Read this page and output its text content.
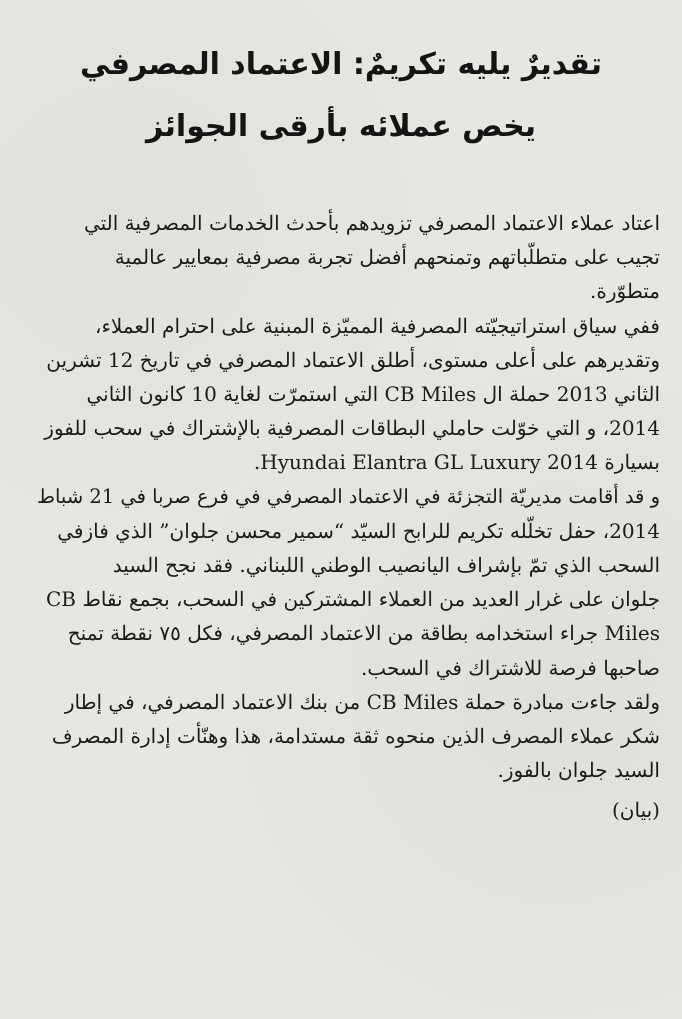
تقديرٌ يليه تكريمٌ: الاعتماد المصرفي
يخص عملائه بأرقى الجوائز

اعتاد عملاء الاعتماد المصرفي تزويدهم بأحدث الخدمات المصرفية التي
تجيب على متطلّباتهم وتمنحهم أفضل تجربة مصرفية بمعايير عالمية
متطوّرة.

ففي سياق استراتيجيّته المصرفية المميّزة المبنية على احترام العملاء،
وتقديرهم على أعلى مستوى، أطلق الاعتماد المصرفي في تاريخ 12 تشرين
الثاني 2013 حملة ال CB Miles التي استمرّت لغاية 10 كانون الثاني
2014، و التي خوّلت حاملي البطاقات المصرفية بالإشتراك في سحب للفوز
بسيارة Hyundai Elantra GL Luxury 2014.

و قد أقامت مديريّة التجزئة في الاعتماد المصرفي في فرع صربا في 21 شباط
2014، حفل تخلّله تكريم للرابح السيّد “سمير محسن جلوان” الذي فازفي
السحب الذي تمّ بإشراف اليانصيب الوطني اللبناني. فقد نجح السيد
جلوان على غرار العديد من العملاء المشتركين في السحب، بجمع نقاط CB
Miles جراء استخدامه بطاقة من الاعتماد المصرفي، فكل ٧٥ نقطة تمنح
صاحبها فرصة للاشتراك في السحب.

ولقد جاءت مبادرة حملة CB Miles من بنك الاعتماد المصرفي، في إطار
شكر عملاء المصرف الذين منحوه ثقة مستدامة، هذا وهنّأت إدارة المصرف
السيد جلوان بالفوز.

(بيان)
